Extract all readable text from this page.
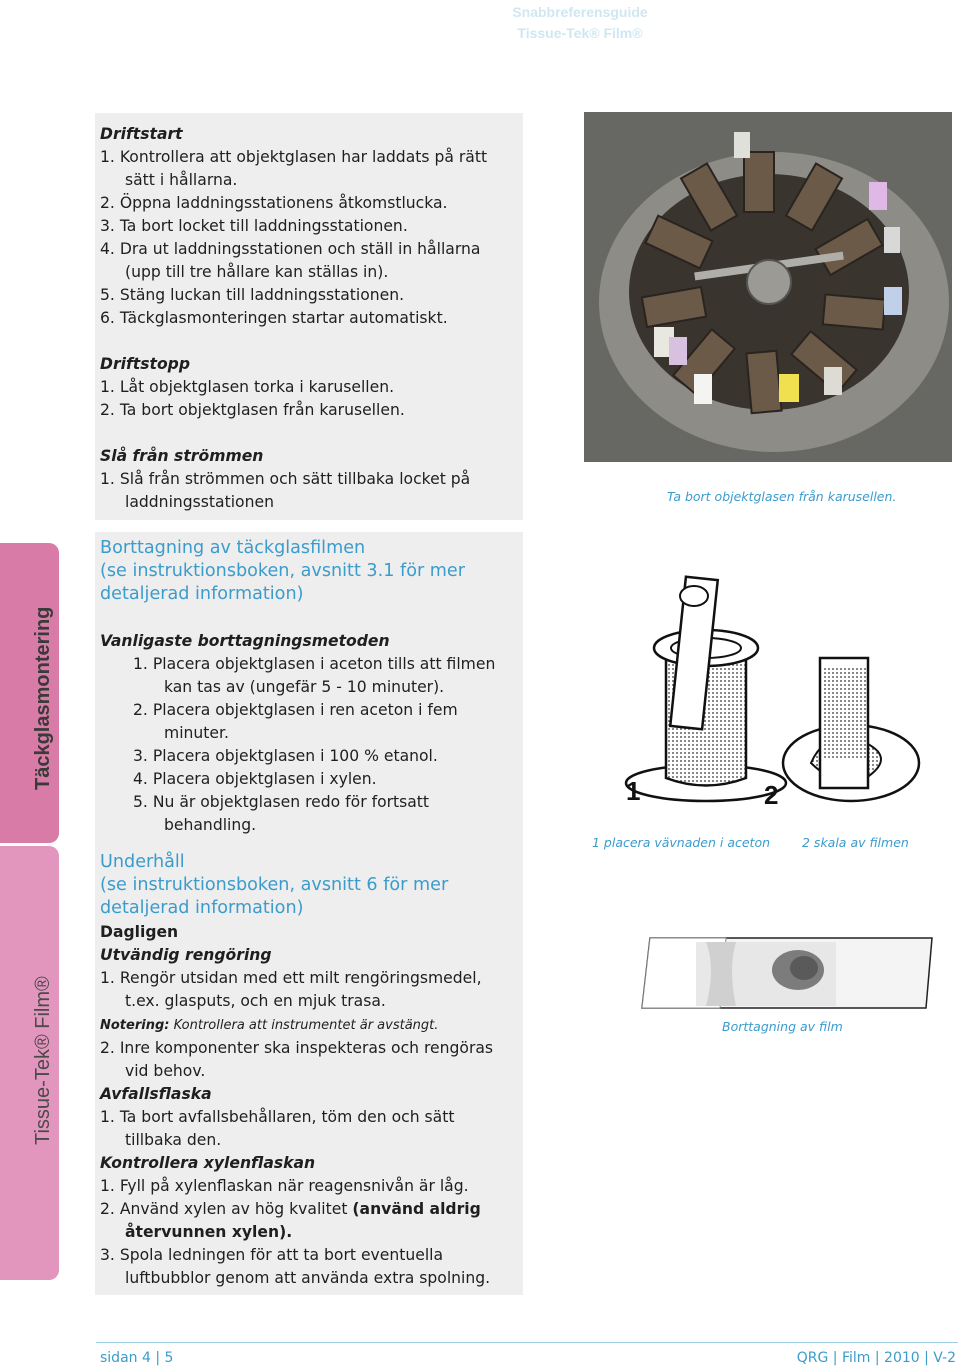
Snabbreferensguide
Tissue-Tek® Film®
Täckglasmontering
Tissue-Tek® Film®
Driftstart
1. Kontrollera att objektglasen har laddats på rätt
sätt i hållarna.
2. Öppna laddningsstationens åtkomstlucka.
3. Ta bort locket till laddningsstationen.
4. Dra ut laddningsstationen och ställ in hållarna
(upp till tre hållare kan ställas in).
5. Stäng luckan till laddningsstationen.
6. Täckglasmonteringen startar automatiskt.
Driftstopp
1. Låt objektglasen torka i karusellen.
2. Ta bort objektglasen från karusellen.
Slå från strömmen
1. Slå från strömmen och sätt tillbaka locket på
laddningsstationen
Borttagning av täckglasfilmen
(se instruktionsboken, avsnitt 3.1 för mer
detaljerad information)
Vanligaste borttagningsmetoden
1. Placera objektglasen i aceton tills att filmen
kan tas av (ungefär 5 - 10 minuter).
2. Placera objektglasen i ren aceton i fem
minuter.
3. Placera objektglasen i 100 % etanol.
4. Placera objektglasen i xylen.
5. Nu är objektglasen redo för fortsatt
behandling.
Underhåll
(se instruktionsboken, avsnitt 6 för mer
detaljerad information)
Dagligen
Utvändig rengöring
1. Rengör utsidan med ett milt rengöringsmedel,
t.ex. glasputs, och en mjuk trasa.
Notering: Kontrollera att instrumentet är avstängt.
2. Inre komponenter ska inspekteras och rengöras
vid behov.
Avfallsflaska
1. Ta bort avfallsbehållaren, töm den och sätt
tillbaka den.
Kontrollera xylenflaskan
1. Fyll på xylenflaskan när reagensnivån är låg.
2. Använd xylen av hög kvalitet (använd aldrig
återvunnen xylen).
3. Spola ledningen för att ta bort eventuella
luftbubblor genom att använda extra spolning.
Ta bort objektglasen från karusellen.
1	2
1 placera vävnaden i aceton	2 skala av filmen
Borttagning av film
sidan 4 | 5	QRG | Film | 2010 | V-2
